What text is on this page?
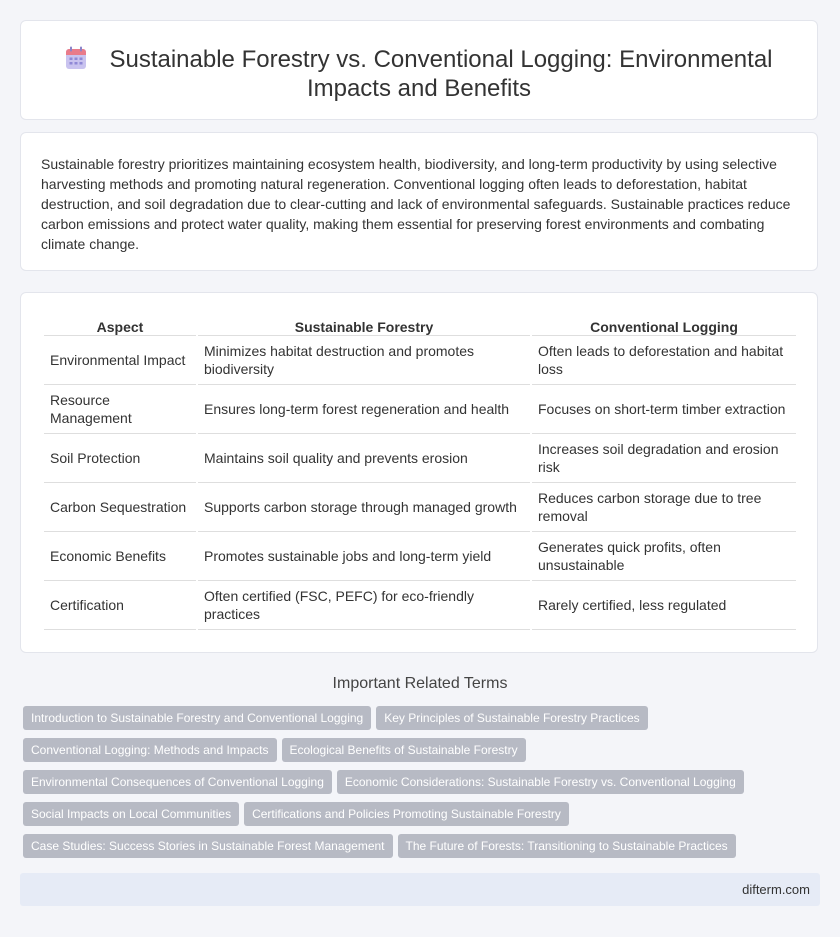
Sustainable Forestry vs. Conventional Logging: Environmental Impacts and Benefits

Sustainable forestry prioritizes maintaining ecosystem health, biodiversity, and long-term productivity by using selective harvesting methods and promoting natural regeneration. Conventional logging often leads to deforestation, habitat destruction, and soil degradation due to clear-cutting and lack of environmental safeguards. Sustainable practices reduce carbon emissions and protect water quality, making them essential for preserving forest environments and combating climate change.

Aspect	Sustainable Forestry	Conventional Logging
Environmental Impact	Minimizes habitat destruction and promotes biodiversity	Often leads to deforestation and habitat loss
Resource Management	Ensures long-term forest regeneration and health	Focuses on short-term timber extraction
Soil Protection	Maintains soil quality and prevents erosion	Increases soil degradation and erosion risk
Carbon Sequestration	Supports carbon storage through managed growth	Reduces carbon storage due to tree removal
Economic Benefits	Promotes sustainable jobs and long-term yield	Generates quick profits, often unsustainable
Certification	Often certified (FSC, PEFC) for eco-friendly practices	Rarely certified, less regulated
Important Related Terms
Introduction to Sustainable Forestry and Conventional Logging Key Principles of Sustainable Forestry Practices
Conventional Logging: Methods and Impacts Ecological Benefits of Sustainable Forestry
Environmental Consequences of Conventional Logging Economic Considerations: Sustainable Forestry vs. Conventional Logging
Social Impacts on Local Communities Certifications and Policies Promoting Sustainable Forestry
Case Studies: Success Stories in Sustainable Forest Management The Future of Forests: Transitioning to Sustainable Practices
difterm.com
